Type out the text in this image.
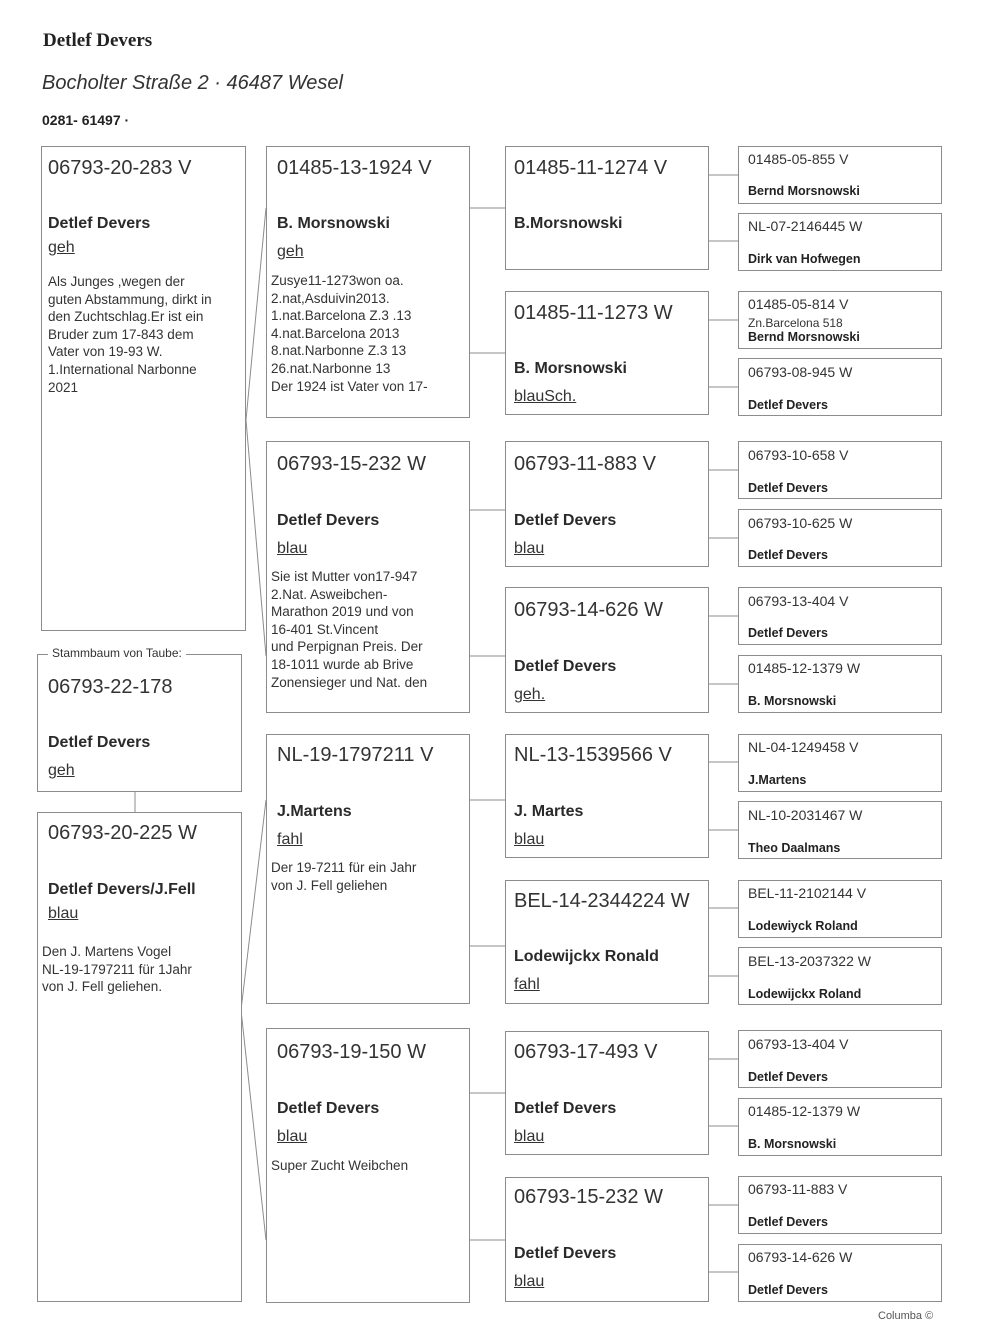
Detlef Devers
Bocholter Straße 2 · 46487 Wesel
0281- 61497 ·
06793-20-283 V
Detlef Devers
geh
Als Junges ,wegen der
guten Abstammung, dirkt in
den Zuchtschlag.Er ist ein
Bruder zum 17-843 dem
Vater von 19-93 W.
1.International Narbonne
2021
Stammbaum von Taube:
06793-22-178
Detlef Devers
geh
06793-20-225 W
Detlef Devers/J.Fell
blau
Den J. Martens Vogel
NL-19-1797211 für 1Jahr
von J. Fell geliehen.
01485-13-1924 V
B. Morsnowski
geh
Zusye11-1273won oa.
2.nat,Asduivin2013.
1.nat.Barcelona Z.3 .13
4.nat.Barcelona 2013
8.nat.Narbonne Z.3 13
26.nat.Narbonne 13
Der 1924 ist Vater von 17-
06793-15-232 W
Detlef Devers
blau
Sie ist Mutter von17-947
2.Nat. Asweibchen-
Marathon 2019 und von
16-401 St.Vincent
und Perpignan Preis. Der
18-1011 wurde ab Brive
Zonensieger und Nat. den
NL-19-1797211 V
J.Martens
fahl
Der 19-7211 für ein Jahr
von J. Fell geliehen
06793-19-150 W
Detlef Devers
blau
Super Zucht Weibchen
01485-11-1274 V
B.Morsnowski
01485-11-1273 W
B. Morsnowski
blauSch.
06793-11-883 V
Detlef Devers
blau
06793-14-626 W
Detlef Devers
geh.
NL-13-1539566 V
J. Martes
blau
BEL-14-2344224 W
Lodewijckx Ronald
fahl
06793-17-493 V
Detlef Devers
blau
06793-15-232 W
Detlef Devers
blau
01485-05-855 V
Bernd Morsnowski
NL-07-2146445 W
Dirk van Hofwegen
01485-05-814 V
Zn.Barcelona 518
Bernd Morsnowski
06793-08-945 W
Detlef Devers
06793-10-658 V
Detlef Devers
06793-10-625 W
Detlef Devers
06793-13-404 V
Detlef Devers
01485-12-1379 W
B. Morsnowski
NL-04-1249458 V
J.Martens
NL-10-2031467 W
Theo Daalmans
BEL-11-2102144 V
Lodewiyck Roland
BEL-13-2037322 W
Lodewijckx Roland
06793-13-404 V
Detlef Devers
01485-12-1379 W
B. Morsnowski
06793-11-883 V
Detlef Devers
06793-14-626 W
Detlef Devers
Columba ©
